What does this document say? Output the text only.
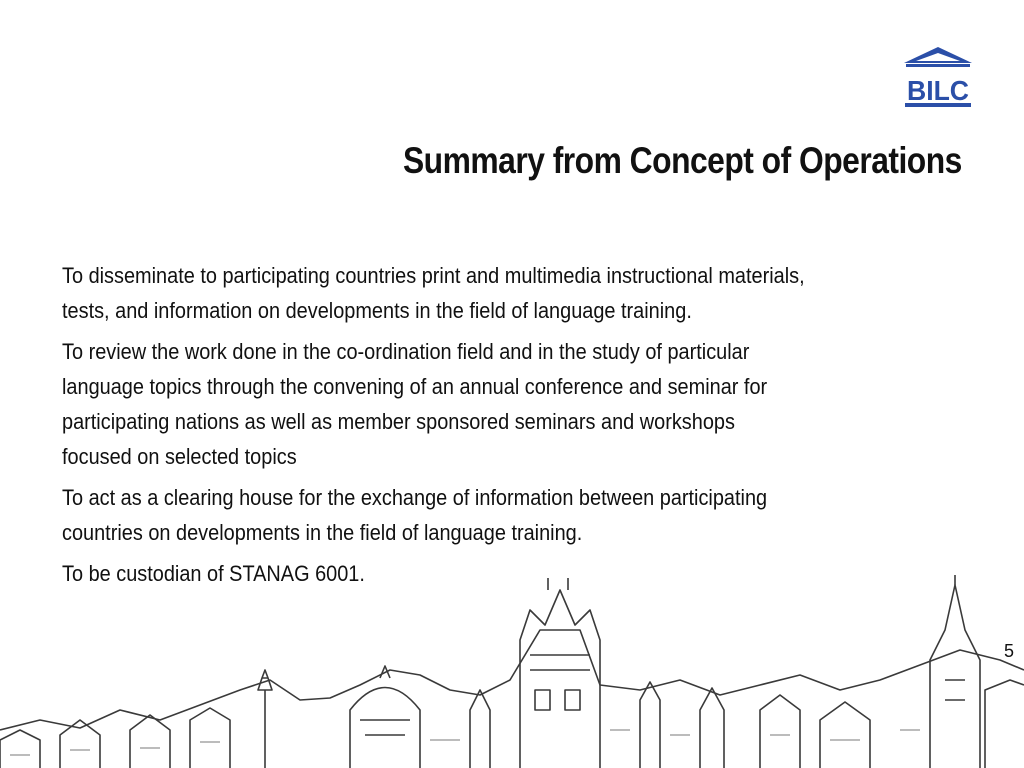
BILC
Summary from Concept of Operations
To disseminate to participating countries print and multimedia instructional materials,
tests, and information on developments in the field of language training.
To review the work done in the co-ordination field and in the study of particular
language topics through the convening of an annual conference and seminar for
participating nations as well as member sponsored seminars and workshops
focused on selected topics
To act as a clearing house for the exchange of information between participating
countries on developments in the field of language training.
To be custodian of STANAG 6001.
5
